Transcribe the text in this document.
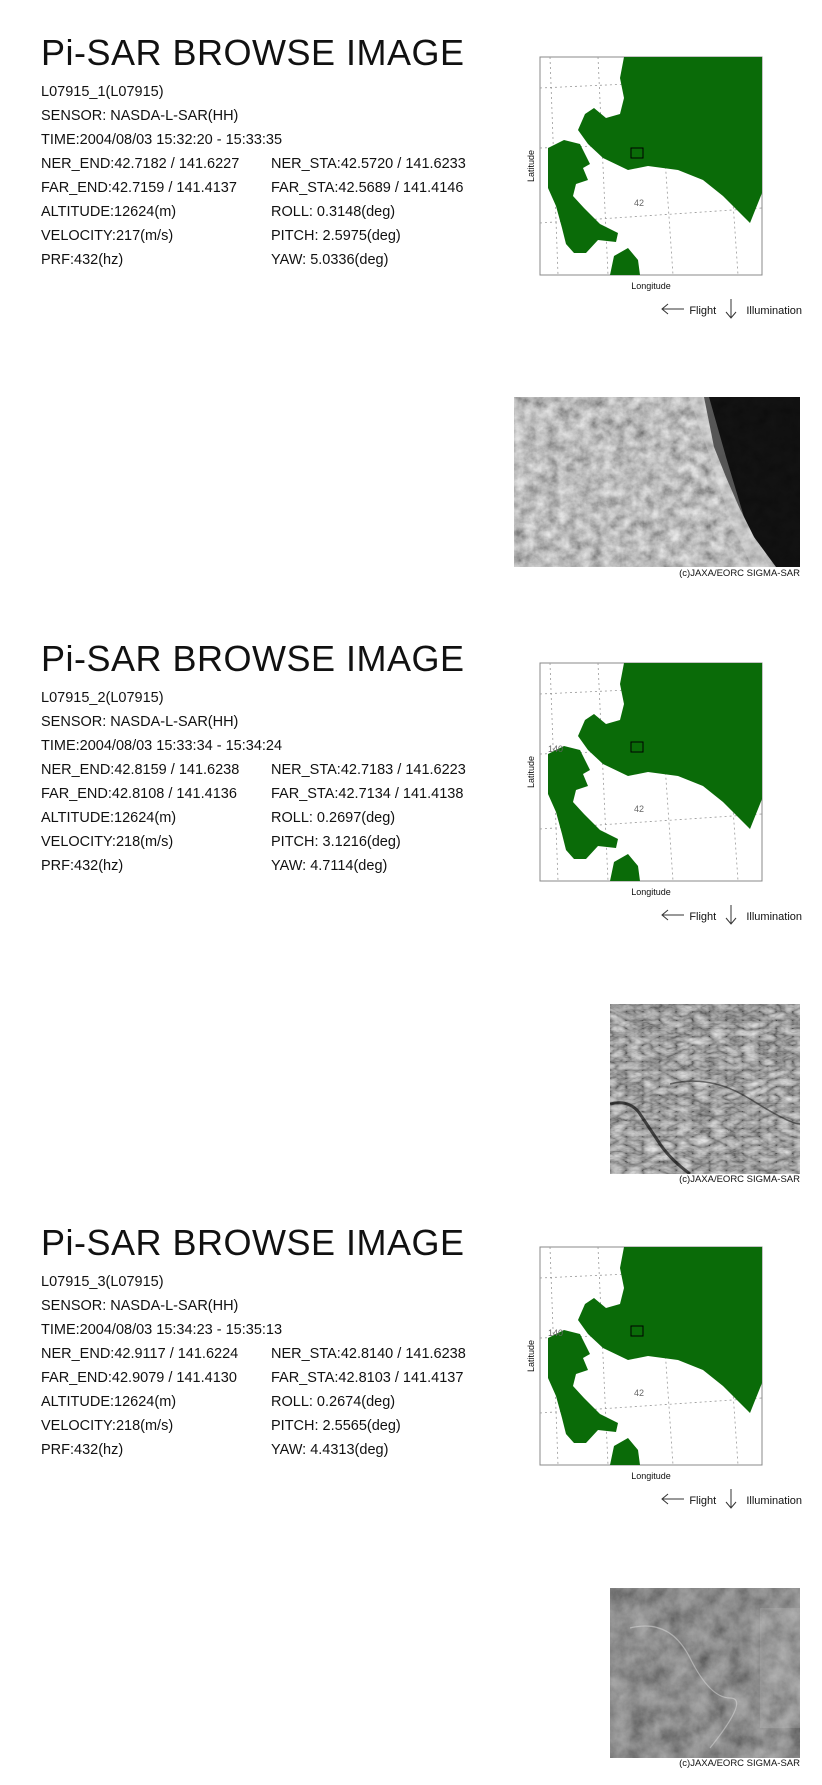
Pi-SAR BROWSE IMAGE
L07915_1(L07915)
SENSOR: NASDA-L-SAR(HH)
TIME:2004/08/03 15:32:20 - 15:33:35
NER_END:42.7182 / 141.6227 NER_STA:42.5720 / 141.6233
FAR_END:42.7159 / 141.4137 FAR_STA:42.5689 / 141.4146
ALTITUDE:12624(m)	ROLL: 0.3148(deg)
VELOCITY:217(m/s)	PITCH: 2.5975(deg)
PRF:432(hz)	YAW: 5.0336(deg)
42
Latitude
Longitude
Flight	Illumination
(c)JAXA/EORC SIGMA-SAR
Pi-SAR BROWSE IMAGE
L07915_2(L07915)
SENSOR: NASDA-L-SAR(HH)
TIME:2004/08/03 15:33:34 - 15:34:24
NER_END:42.8159 / 141.6238 NER_STA:42.7183 / 141.6223
FAR_END:42.8108 / 141.4136 FAR_STA:42.7134 / 141.4138
ALTITUDE:12624(m)	ROLL: 0.2697(deg)
VELOCITY:218(m/s)	PITCH: 3.1216(deg)
PRF:432(hz)	YAW: 4.7114(deg)
42
140
Latitude
Longitude
Flight	Illumination
(c)JAXA/EORC SIGMA-SAR
Pi-SAR BROWSE IMAGE
L07915_3(L07915)
SENSOR: NASDA-L-SAR(HH)
TIME:2004/08/03 15:34:23 - 15:35:13
NER_END:42.9117 / 141.6224 NER_STA:42.8140 / 141.6238
FAR_END:42.9079 / 141.4130 FAR_STA:42.8103 / 141.4137
ALTITUDE:12624(m)	ROLL: 0.2674(deg)
VELOCITY:218(m/s)	PITCH: 2.5565(deg)
PRF:432(hz)	YAW: 4.4313(deg)
42
140
Latitude
Longitude
Flight	Illumination
(c)JAXA/EORC SIGMA-SAR
